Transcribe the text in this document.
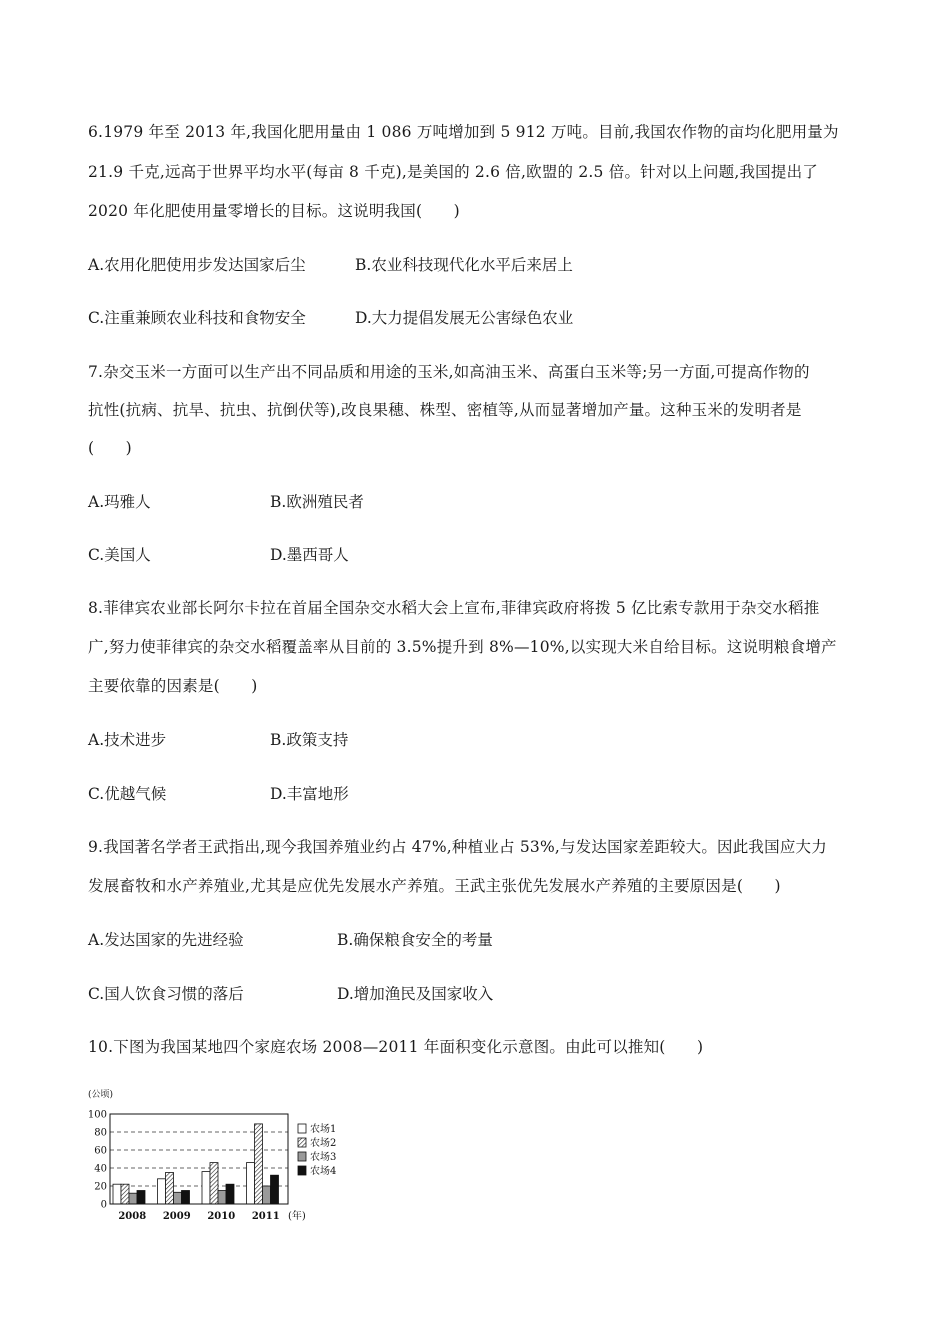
6.1979 年至 2013 年,我国化肥用量由 1 086 万吨增加到 5 912 万吨。目前,我国农作物的亩均化肥用量为
21.9 千克,远高于世界平均水平(每亩 8 千克),是美国的 2.6 倍,欧盟的 2.5 倍。针对以上问题,我国提出了
2020 年化肥使用量零增长的目标。这说明我国(　　)
A.农用化肥使用步发达国家后尘	B.农业科技现代化水平后来居上
C.注重兼顾农业科技和食物安全	D.大力提倡发展无公害绿色农业
7.杂交玉米一方面可以生产出不同品质和用途的玉米,如高油玉米、高蛋白玉米等;另一方面,可提高作物的
抗性(抗病、抗旱、抗虫、抗倒伏等),改良果穗、株型、密植等,从而显著增加产量。这种玉米的发明者是
(　　)
A.玛雅人	B.欧洲殖民者
C.美国人	D.墨西哥人
8.菲律宾农业部长阿尔卡拉在首届全国杂交水稻大会上宣布,菲律宾政府将拨 5 亿比索专款用于杂交水稻推
广,努力使菲律宾的杂交水稻覆盖率从目前的 3.5%提升到 8%—10%,以实现大米自给目标。这说明粮食增产
主要依靠的因素是(　　)
A.技术进步	B.政策支持
C.优越气候	D.丰富地形
9.我国著名学者王武指出,现今我国养殖业约占 47%,种植业占 53%,与发达国家差距较大。因此我国应大力
发展畜牧和水产养殖业,尤其是应优先发展水产养殖。王武主张优先发展水产养殖的主要原因是(　　)
A.发达国家的先进经验	B.确保粮食安全的考量
C.国人饮食习惯的落后	D.增加渔民及国家收入
10.下图为我国某地四个家庭农场 2008—2011 年面积变化示意图。由此可以推知(　　)
(公顷)
(年)
0
20
40
60
80
100
2008 2009 2010 2011
农场1
农场2
农场3
农场4
